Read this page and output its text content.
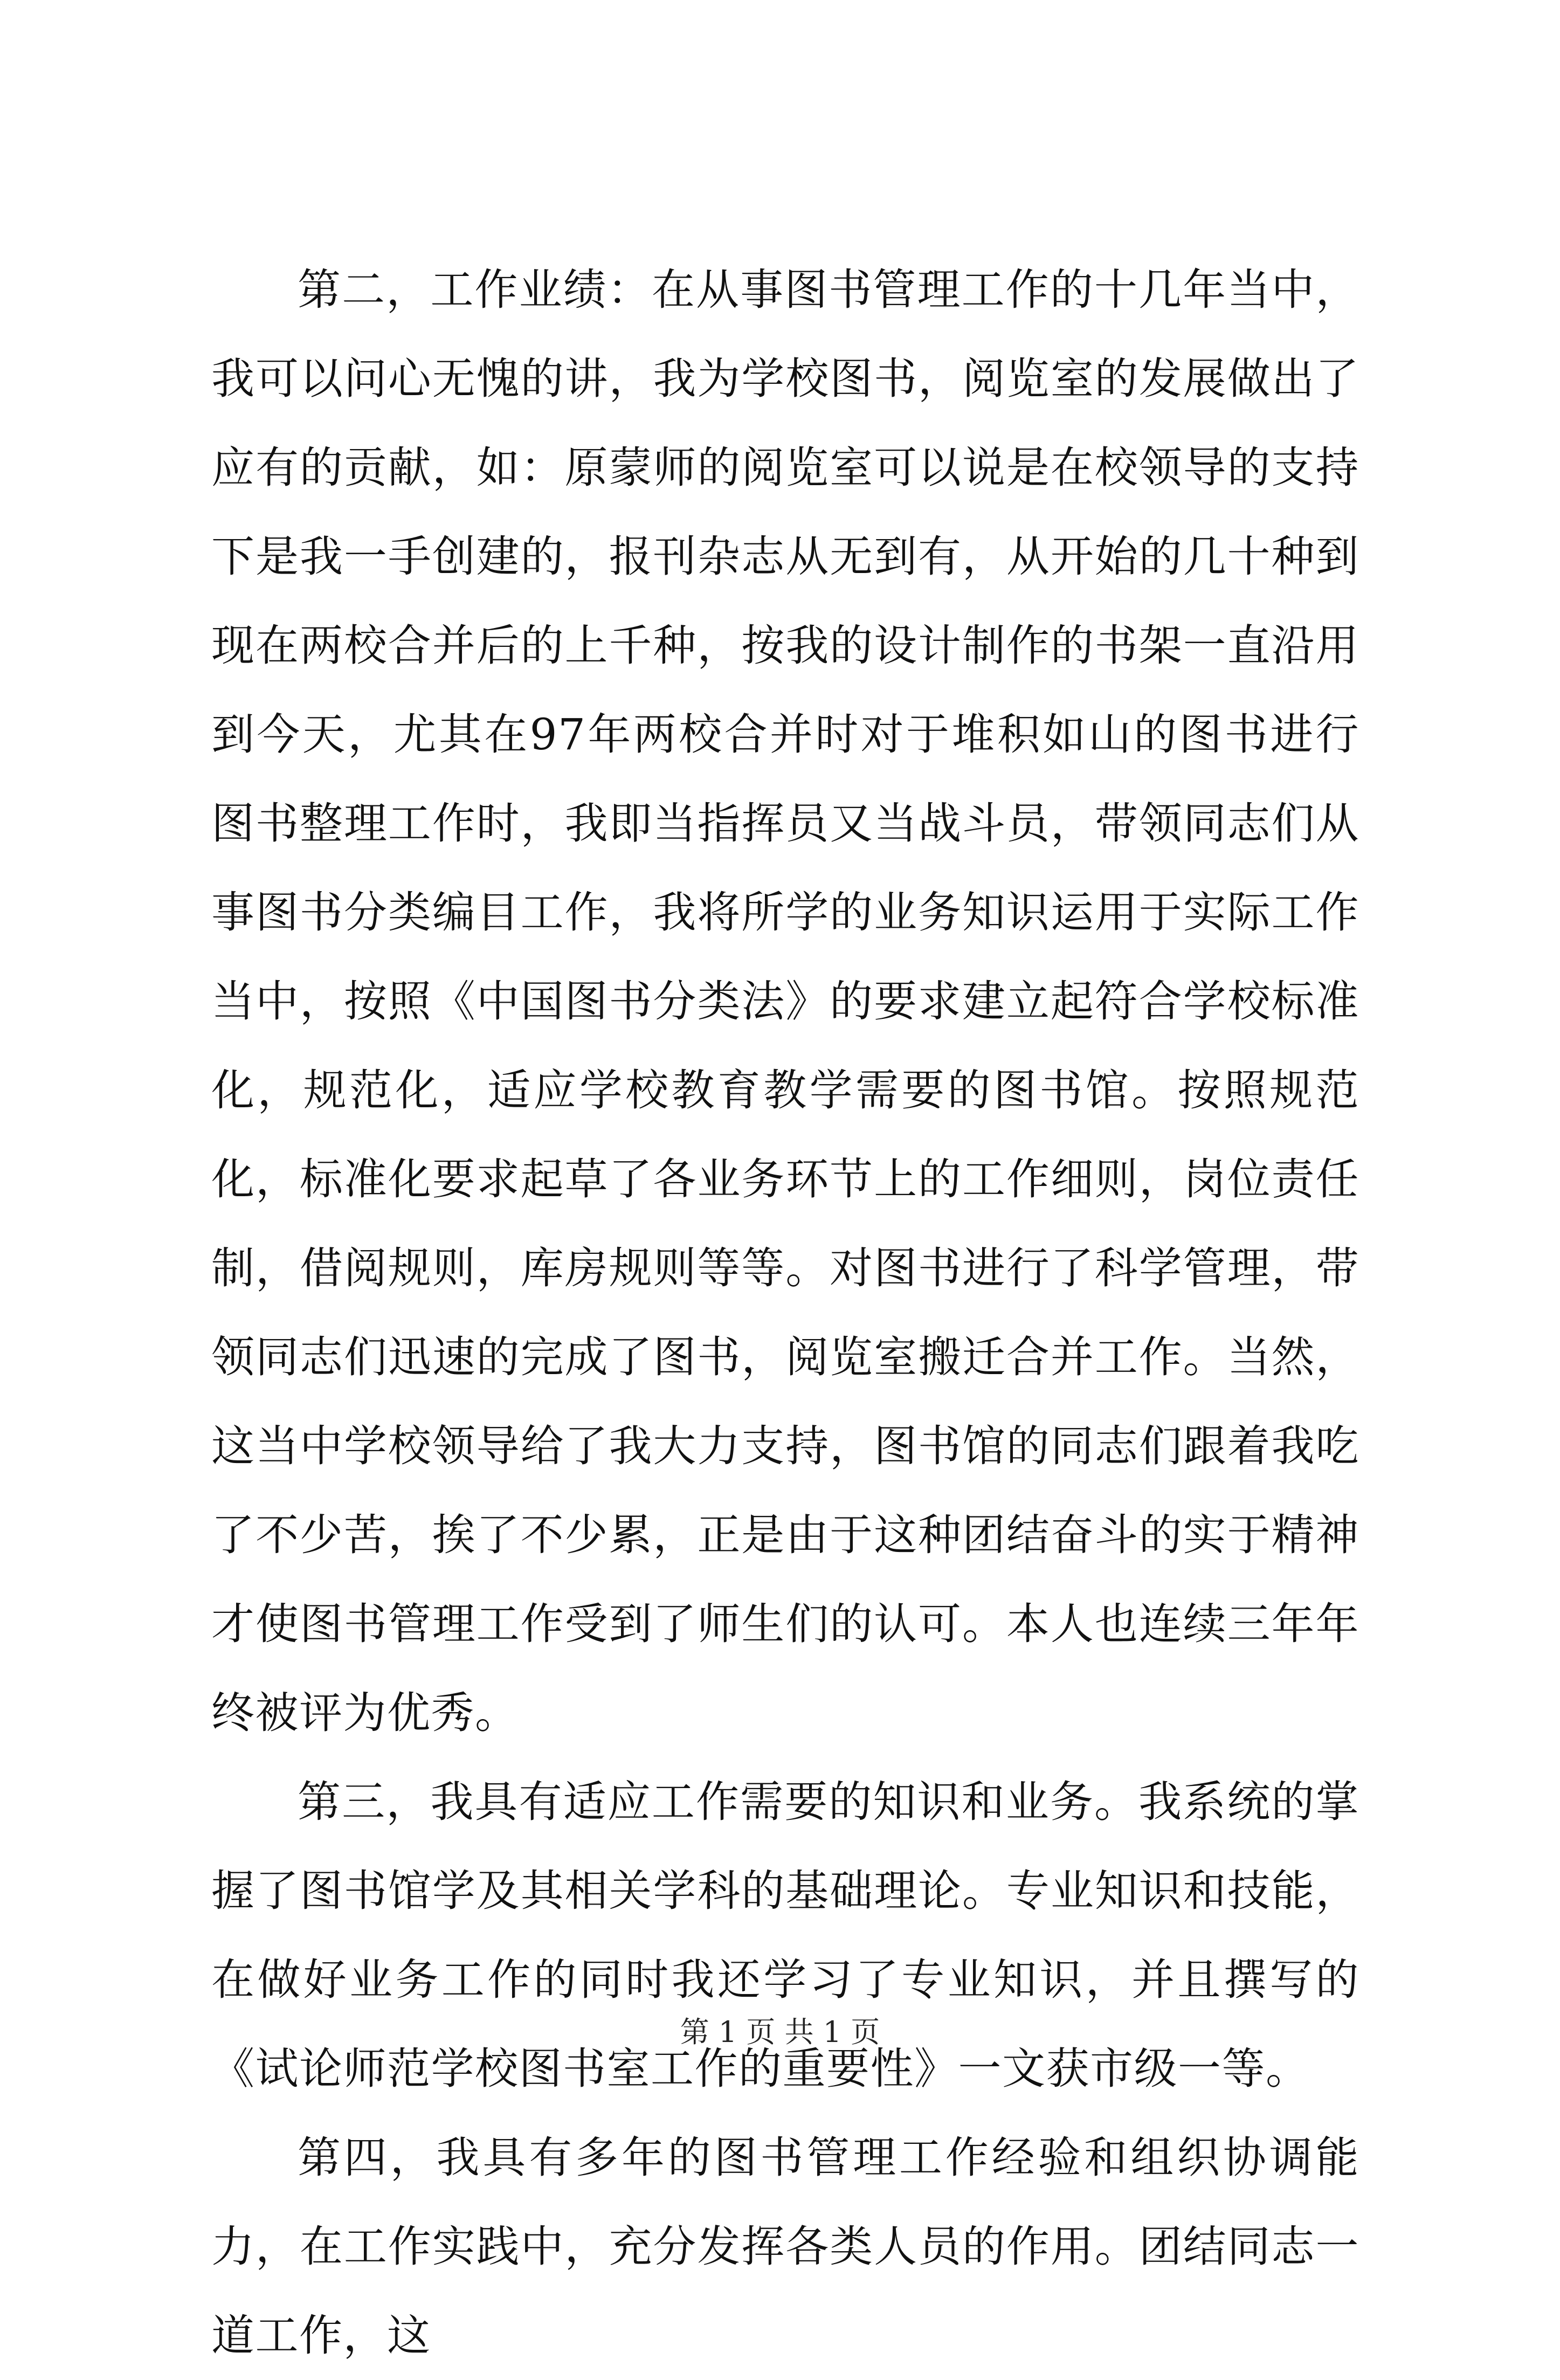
第二，工作业绩：在从事图书管理工作的十几年当中，我可以问心无愧的讲，我为学校图书，阅览室的发展做出了应有的贡献，如：原蒙师的阅览室可以说是在校领导的支持下是我一手创建的，报刊杂志从无到有，从开始的几十种到现在两校合并后的上千种，按我的设计制作的书架一直沿用到今天，尤其在97年两校合并时对于堆积如山的图书进行图书整理工作时，我即当指挥员又当战斗员，带领同志们从事图书分类编目工作，我将所学的业务知识运用于实际工作当中，按照《中国图书分类法》的要求建立起符合学校标准化，规范化，适应学校教育教学需要的图书馆。按照规范化，标准化要求起草了各业务环节上的工作细则，岗位责任制，借阅规则，库房规则等等。对图书进行了科学管理，带领同志们迅速的完成了图书，阅览室搬迁合并工作。当然，这当中学校领导给了我大力支持，图书馆的同志们跟着我吃了不少苦，挨了不少累，正是由于这种团结奋斗的实于精神才使图书管理工作受到了师生们的认可。本人也连续三年年终被评为优秀。

第三，我具有适应工作需要的知识和业务。我系统的掌握了图书馆学及其相关学科的基础理论。专业知识和技能，在做好业务工作的同时我还学习了专业知识，并且撰写的《试论师范学校图书室工作的重要性》一文获市级一等。

第四，我具有多年的图书管理工作经验和组织协调能力，在工作实践中，充分发挥各类人员的作用。团结同志一道工作，这

第 1 页 共 1 页
